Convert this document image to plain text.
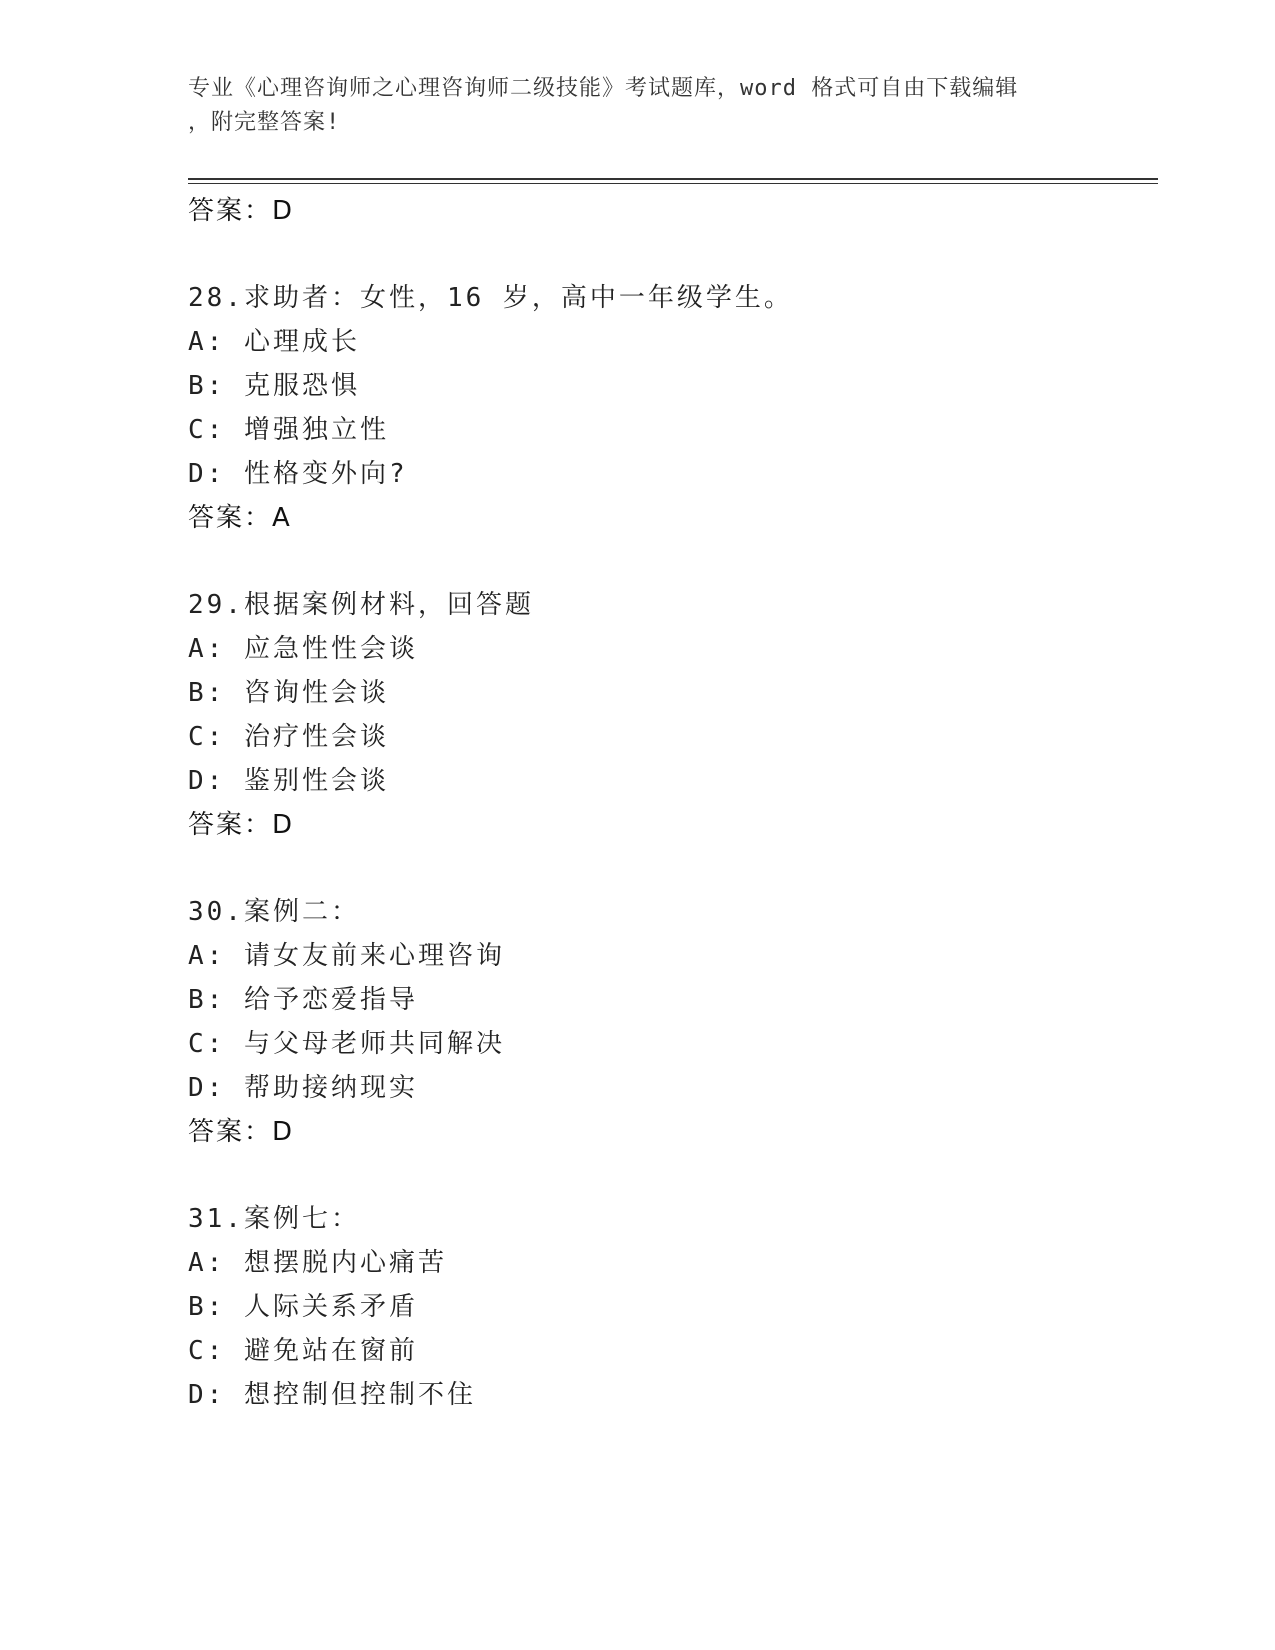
专业《心理咨询师之心理咨询师二级技能》考试题库，word 格式可自由下载编辑
，附完整答案!
答案：D
28.求助者：女性，16 岁，高中一年级学生。
A: 心理成长
B: 克服恐惧
C: 增强独立性
D: 性格变外向?
答案：A
29.根据案例材料，回答题
A: 应急性性会谈
B: 咨询性会谈
C: 治疗性会谈
D: 鉴别性会谈
答案：D
30.案例二：
A: 请女友前来心理咨询
B: 给予恋爱指导
C: 与父母老师共同解决
D: 帮助接纳现实
答案：D
31.案例七：
A: 想摆脱内心痛苦
B: 人际关系矛盾
C: 避免站在窗前
D: 想控制但控制不住
